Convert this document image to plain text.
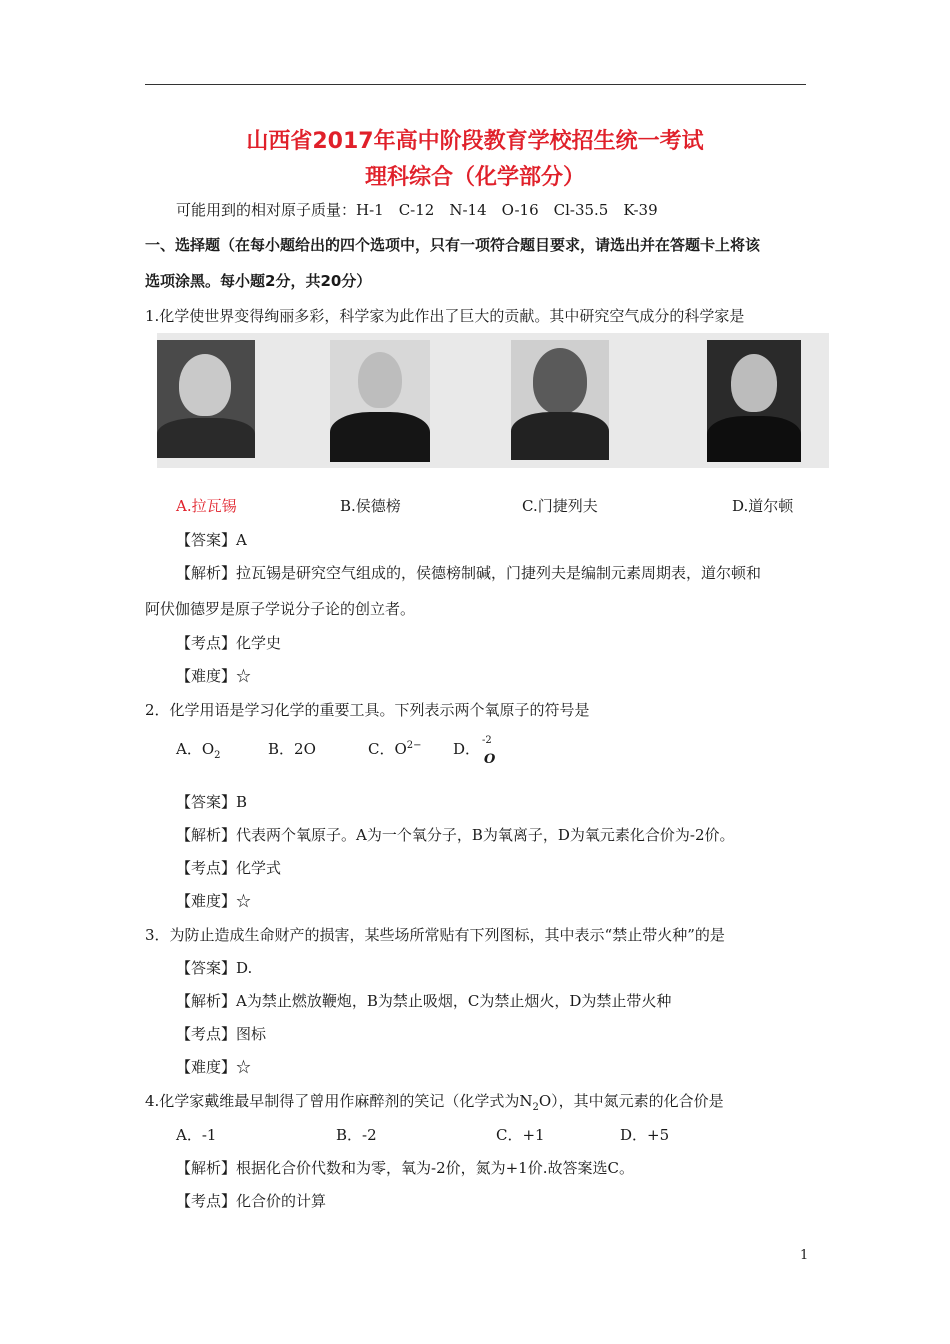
山西省2017年高中阶段教育学校招生统一考试
理科综合（化学部分）
可能用到的相对原子质量：H-1　C-12　N-14　O-16　Cl-35.5　K-39
一、选择题（在每小题给出的四个选项中，只有一项符合题目要求，请选出并在答题卡上将该
选项涂黑。每小题2分，共20分）
1.化学使世界变得绚丽多彩，科学家为此作出了巨大的贡献。其中研究空气成分的科学家是
A.拉瓦锡	B.侯德榜	C.门捷列夫	D.道尔顿
【答案】A
【解析】拉瓦锡是研究空气组成的，侯德榜制碱，门捷列夫是编制元素周期表，道尔顿和
阿伏伽德罗是原子学说分子论的创立者。
【考点】化学史
【难度】☆
2．化学用语是学习化学的重要工具。下列表示两个氧原子的符号是
A．$O_2$	B．2O	C．$O^{2-}$ D． -2
O
【答案】B
【解析】代表两个氧原子。A为一个氧分子，B为氧离子，D为氧元素化合价为-2价。
【考点】化学式
【难度】☆
3．为防止造成生命财产的损害，某些场所常贴有下列图标，其中表示“禁止带火种”的是
【答案】D.
【解析】A为禁止燃放鞭炮，B为禁止吸烟，C为禁止烟火，D为禁止带火种
【考点】图标
【难度】☆
4.化学家戴维最早制得了曾用作麻醉剂的笑记（化学式为$N_2O$），其中氮元素的化合价是
A．-1	B．-2	C．+1	D．+5
【解析】根据化合价代数和为零，氧为-2价，氮为+1价.故答案选C。
【考点】化合价的计算
1
